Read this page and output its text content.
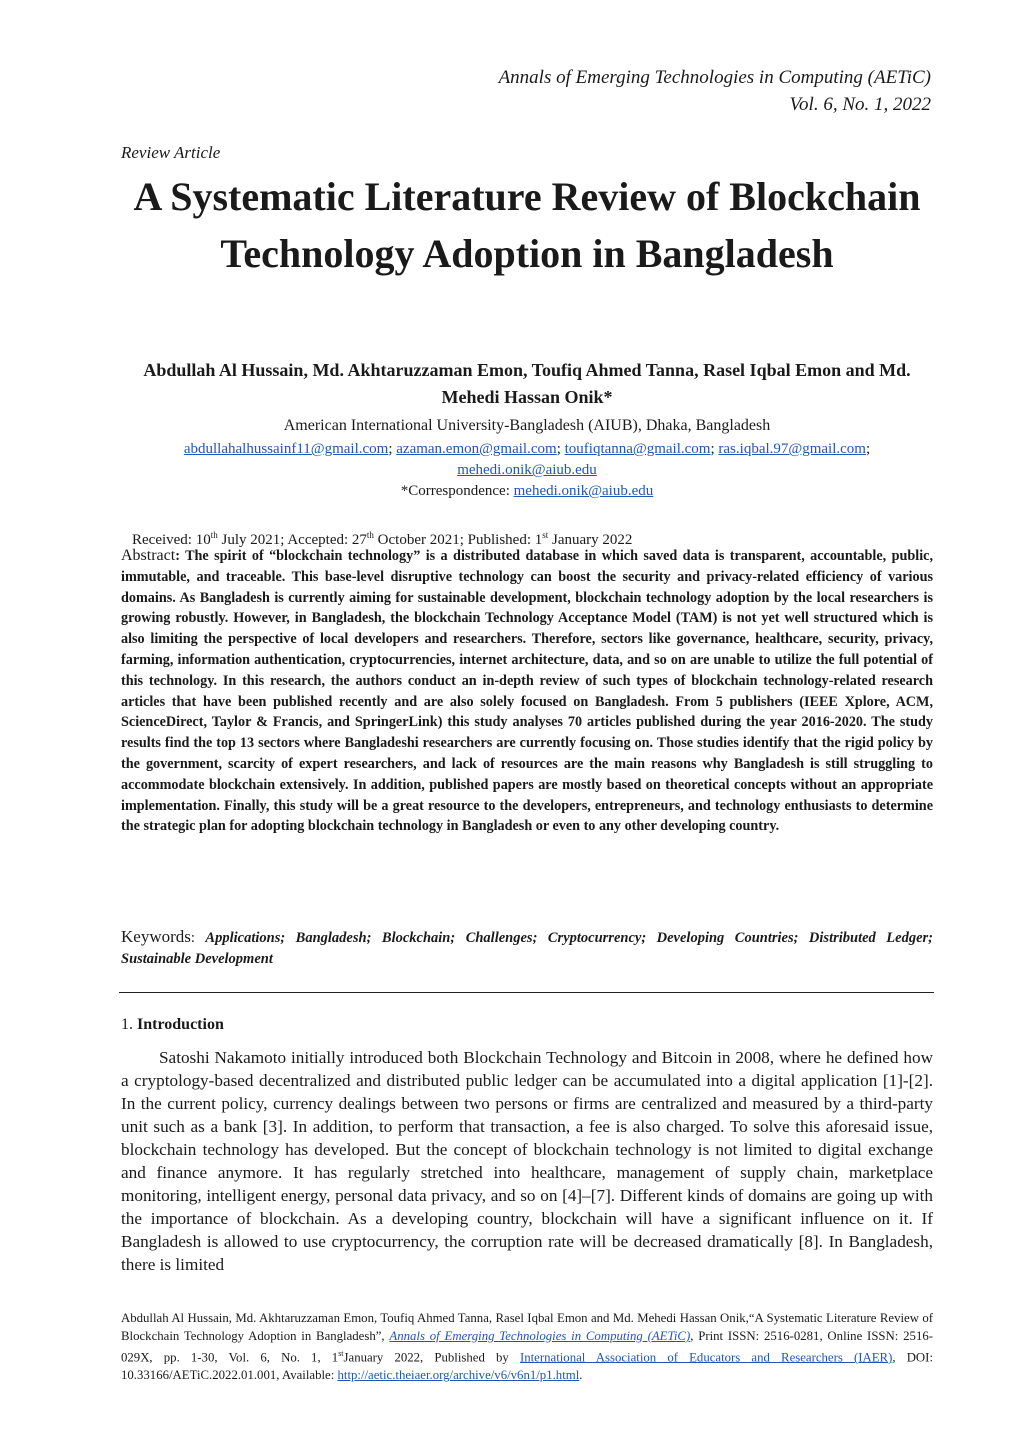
Annals of Emerging Technologies in Computing (AETiC)
Vol. 6, No. 1, 2022
Review Article
A Systematic Literature Review of Blockchain Technology Adoption in Bangladesh
Abdullah Al Hussain, Md. Akhtaruzzaman Emon, Toufiq Ahmed Tanna, Rasel Iqbal Emon and Md. Mehedi Hassan Onik*
American International University-Bangladesh (AIUB), Dhaka, Bangladesh
abdullahalhussainf11@gmail.com; azaman.emon@gmail.com; toufiqtanna@gmail.com; ras.iqbal.97@gmail.com;
mehedi.onik@aiub.edu
*Correspondence: mehedi.onik@aiub.edu
Received: 10th July 2021; Accepted: 27th October 2021; Published: 1st January 2022
Abstract: The spirit of “blockchain technology” is a distributed database in which saved data is transparent, accountable, public, immutable, and traceable. This base-level disruptive technology can boost the security and privacy-related efficiency of various domains. As Bangladesh is currently aiming for sustainable development, blockchain technology adoption by the local researchers is growing robustly. However, in Bangladesh, the blockchain Technology Acceptance Model (TAM) is not yet well structured which is also limiting the perspective of local developers and researchers. Therefore, sectors like governance, healthcare, security, privacy, farming, information authentication, cryptocurrencies, internet architecture, data, and so on are unable to utilize the full potential of this technology. In this research, the authors conduct an in-depth review of such types of blockchain technology-related research articles that have been published recently and are also solely focused on Bangladesh. From 5 publishers (IEEE Xplore, ACM, ScienceDirect, Taylor & Francis, and SpringerLink) this study analyses 70 articles published during the year 2016-2020. The study results find the top 13 sectors where Bangladeshi researchers are currently focusing on. Those studies identify that the rigid policy by the government, scarcity of expert researchers, and lack of resources are the main reasons why Bangladesh is still struggling to accommodate blockchain extensively. In addition, published papers are mostly based on theoretical concepts without an appropriate implementation. Finally, this study will be a great resource to the developers, entrepreneurs, and technology enthusiasts to determine the strategic plan for adopting blockchain technology in Bangladesh or even to any other developing country.
Keywords: Applications; Bangladesh; Blockchain; Challenges; Cryptocurrency; Developing Countries; Distributed Ledger; Sustainable Development
1. Introduction
Satoshi Nakamoto initially introduced both Blockchain Technology and Bitcoin in 2008, where he defined how a cryptology-based decentralized and distributed public ledger can be accumulated into a digital application [1]-[2]. In the current policy, currency dealings between two persons or firms are centralized and measured by a third-party unit such as a bank [3]. In addition, to perform that transaction, a fee is also charged. To solve this aforesaid issue, blockchain technology has developed. But the concept of blockchain technology is not limited to digital exchange and finance anymore. It has regularly stretched into healthcare, management of supply chain, marketplace monitoring, intelligent energy, personal data privacy, and so on [4]–[7]. Different kinds of domains are going up with the importance of blockchain. As a developing country, blockchain will have a significant influence on it. If Bangladesh is allowed to use cryptocurrency, the corruption rate will be decreased dramatically [8]. In Bangladesh, there is limited
Abdullah Al Hussain, Md. Akhtaruzzaman Emon, Toufiq Ahmed Tanna, Rasel Iqbal Emon and Md. Mehedi Hassan Onik,“A Systematic Literature Review of Blockchain Technology Adoption in Bangladesh”, Annals of Emerging Technologies in Computing (AETiC), Print ISSN: 2516-0281, Online ISSN: 2516-029X, pp. 1-30, Vol. 6, No. 1, 1stJanuary 2022, Published by International Association of Educators and Researchers (IAER), DOI: 10.33166/AETiC.2022.01.001, Available: http://aetic.theiaer.org/archive/v6/v6n1/p1.html.
